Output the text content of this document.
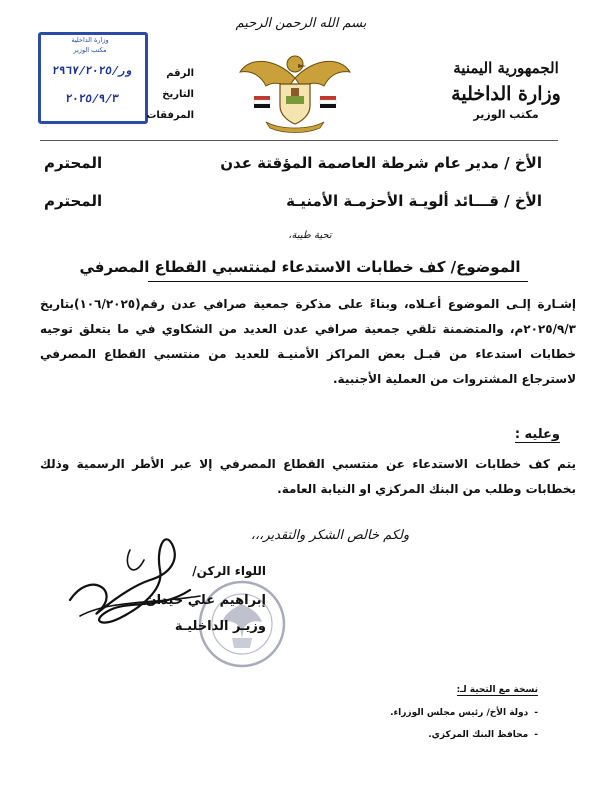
الجمهورية اليمنية
وزارة الداخلية
مكتب الوزير
بسم الله الرحمن الرحيم
وزارة الداخلية
مكتب الوزير
ور/٢٩٦٧/٢٠٢٥
٢٠٢٥/٩/٣
الرقم
التاريخ
المرفقات
الأخ / مدير عام شرطة العاصمة المؤقتة عدن
المحترم
الأخ / قـــائد ألويـة الأحزمـة الأمنيـة
المحترم
تحية طيبة،
الموضوع/ كف خطابات الاستدعاء لمنتسبي القطاع المصرفي
إشـارة إلـى الموضوع أعـلاه، وبناءً على مذكرة جمعية صرافي عدن رقم(١٠٦/٢٠٢٥)بتاريخ ٢٠٢٥/٩/٣م، والمتضمنة تلقي جمعية صرافي عدن العديد من الشكاوي في ما يتعلق توجيه خطابات استدعاء من قبـل بعض المراكز الأمنيـة للعديد من منتسبي القطاع المصرفي لاسترجاع المشتروات من العملية الأجنبية.
وعليه :
يتم كف خطابات الاستدعاء عن منتسبي القطاع المصرفي إلا عبر الأطر الرسمية وذلك بخطابات وطلب من البنك المركزي او النيابة العامة.
ولكم خالص الشكر والتقدير،،،
اللواء الركن/
إبراهيم علي حيدان
وزيـر الداخليـة
نسخة مع التحية لـ:
-دولة الأخ/ رئيس مجلس الوزراء.
-محافظ البنك المركزي.
